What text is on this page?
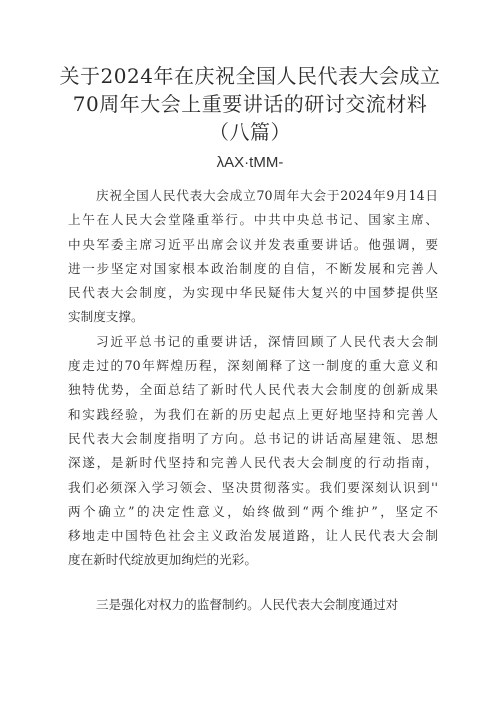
关于2024年在庆祝全国人民代表大会成立
70周年大会上重要讲话的研讨交流材料
（八篇）
庆祝全国人民代表大会成立70周年大会于2024年9月14日
上午在人民大会堂隆重举行。中共中央总书记、国家主席、
中央军委主席习近平出席会议并发表重要讲话。他强调，要
进一步坚定对国家根本政治制度的自信，不断发展和完善人
民代表大会制度，为实现中华民疑伟大复兴的中国梦提供坚
实制度支撑。
习近平总书记的重要讲话，深情回顾了人民代表大会制
度走过的70年辉煌历程，深刻阐释了这一制度的重大意义和
独特优势，全面总结了新时代人民代表大会制度的创新成果
和实践经验，为我们在新的历史起点上更好地坚持和完善人
民代表大会制度指明了方向。总书记的讲话高屋建瓴、思想
深遂，是新时代坚持和完善人民代表大会制度的行动指南，
我们必须深入学习领会、坚决贯彻落实。我们要深刻认识到''
两个确立”的决定性意义，始终做到“两个维护”，坚定不
移地走中国特色社会主义政治发展道路，让人民代表大会制
度在新时代绽放更加绚烂的光彩。
三是强化对权力的监督制约。人民代表大会制度通过对
λAX·tMM-
